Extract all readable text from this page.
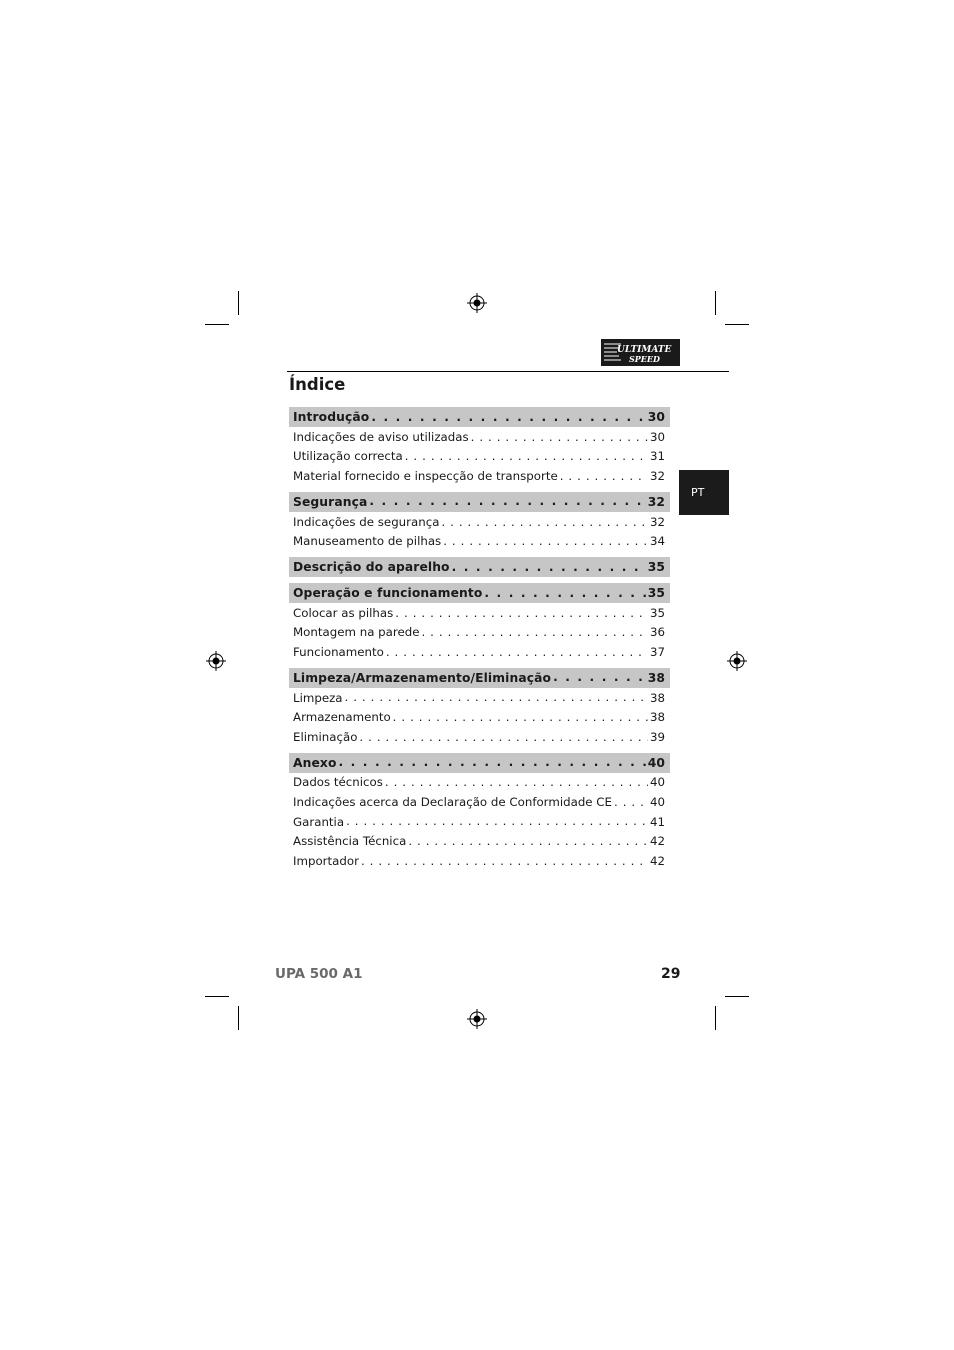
ULTIMATE
SPEED
Índice
PT
Introdução . . .	30
Indicações de aviso utilizadas . . .	30
Utilização correcta . . .	31
Material fornecido e inspecção de transporte . . .	32
Segurança . . .	32
Indicações de segurança . . .	32
Manuseamento de pilhas . . .	34
Descrição do aparelho . . .	35
Operação e funcionamento . . .	35
Colocar as pilhas . . .	35
Montagem na parede . . .	36
Funcionamento . . .	37
Limpeza/Armazenamento/Eliminação . . .	38
Limpeza . . .	38
Armazenamento . . .	38
Eliminação . . .	39
Anexo . . .	40
Dados técnicos . . .	40
Indicações acerca da Declaração de Conformidade CE . . .	40
Garantia . . .	41
Assistência Técnica . . .	42
Importador . . .	42
UPA 500 A1	29
